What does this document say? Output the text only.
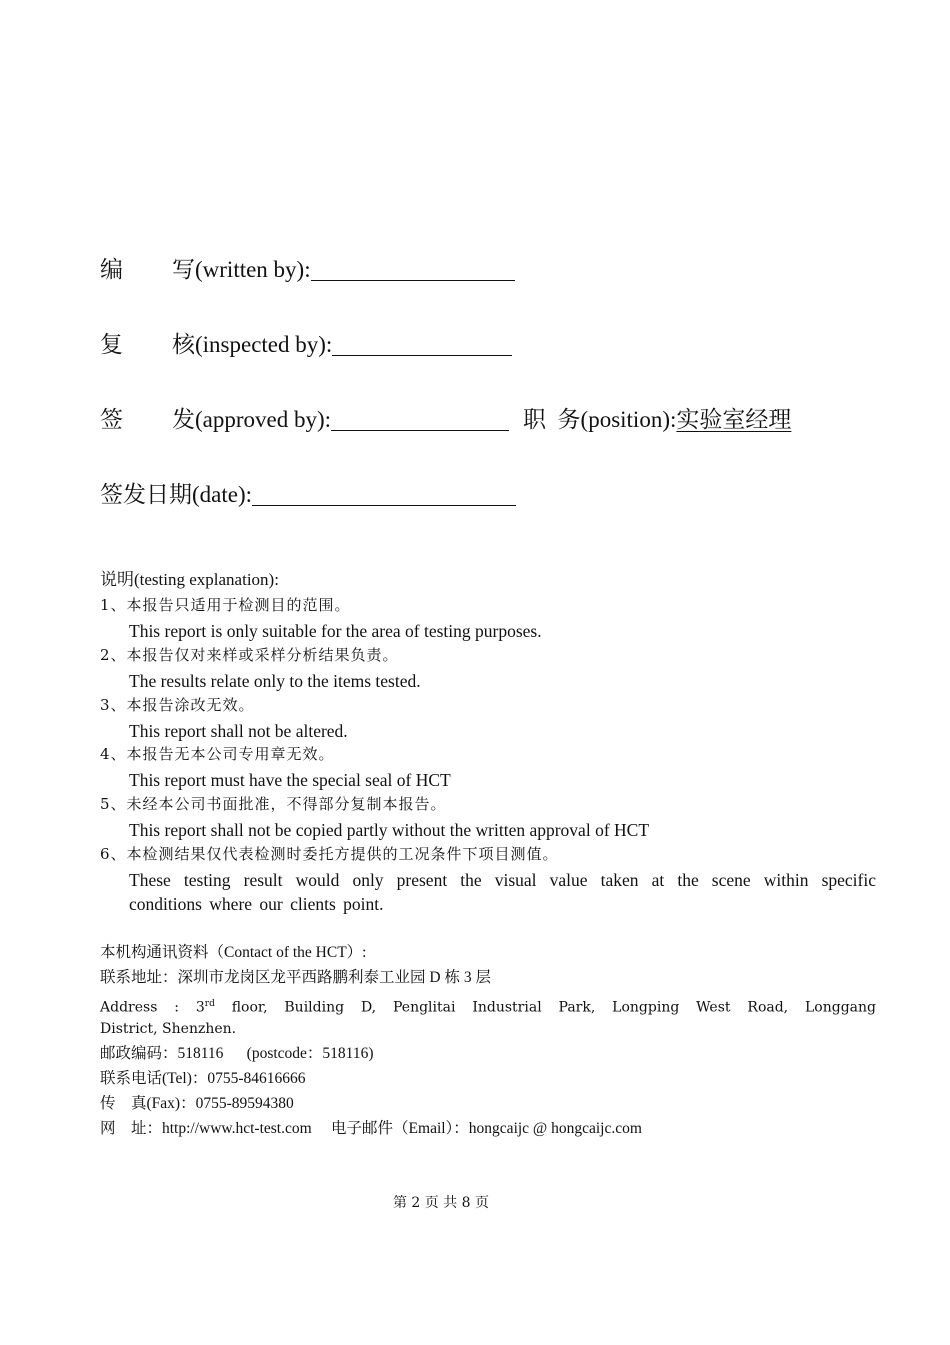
编 写(written by):
复 核(inspected by):
签 发(approved by):	职  务(position):实验室经理
签发日期(date):
说明(testing explanation):
1、本报告只适用于检测目的范围。
This report is only suitable for the area of testing purposes.
2、本报告仅对来样或采样分析结果负责。
The results relate only to the items tested.
3、本报告涂改无效。
This report shall not be altered.
4、本报告无本公司专用章无效。
This report must have the special seal of HCT
5、未经本公司书面批准，不得部分复制本报告。
This report shall not be copied partly without the written approval of HCT
6、本检测结果仅代表检测时委托方提供的工况条件下项目测值。
These testing result would only present the visual value taken at the scene within specific conditions where our clients point.
本机构通讯资料（Contact of the HCT）:
联系地址：深圳市龙岗区龙平西路鹏利泰工业园 D 栋 3 层
Address : 3rd floor, Building D, Penglitai Industrial Park, Longping West Road, Longgang
District, Shenzhen.
邮政编码：518116      (postcode：518116)
联系电话(Tel)：0755-84616666
传    真(Fax)：0755-89594380
网    址：http://www.hct-test.com     电子邮件（Email）：hongcaijc @ hongcaijc.com
第 2 页 共 8 页
